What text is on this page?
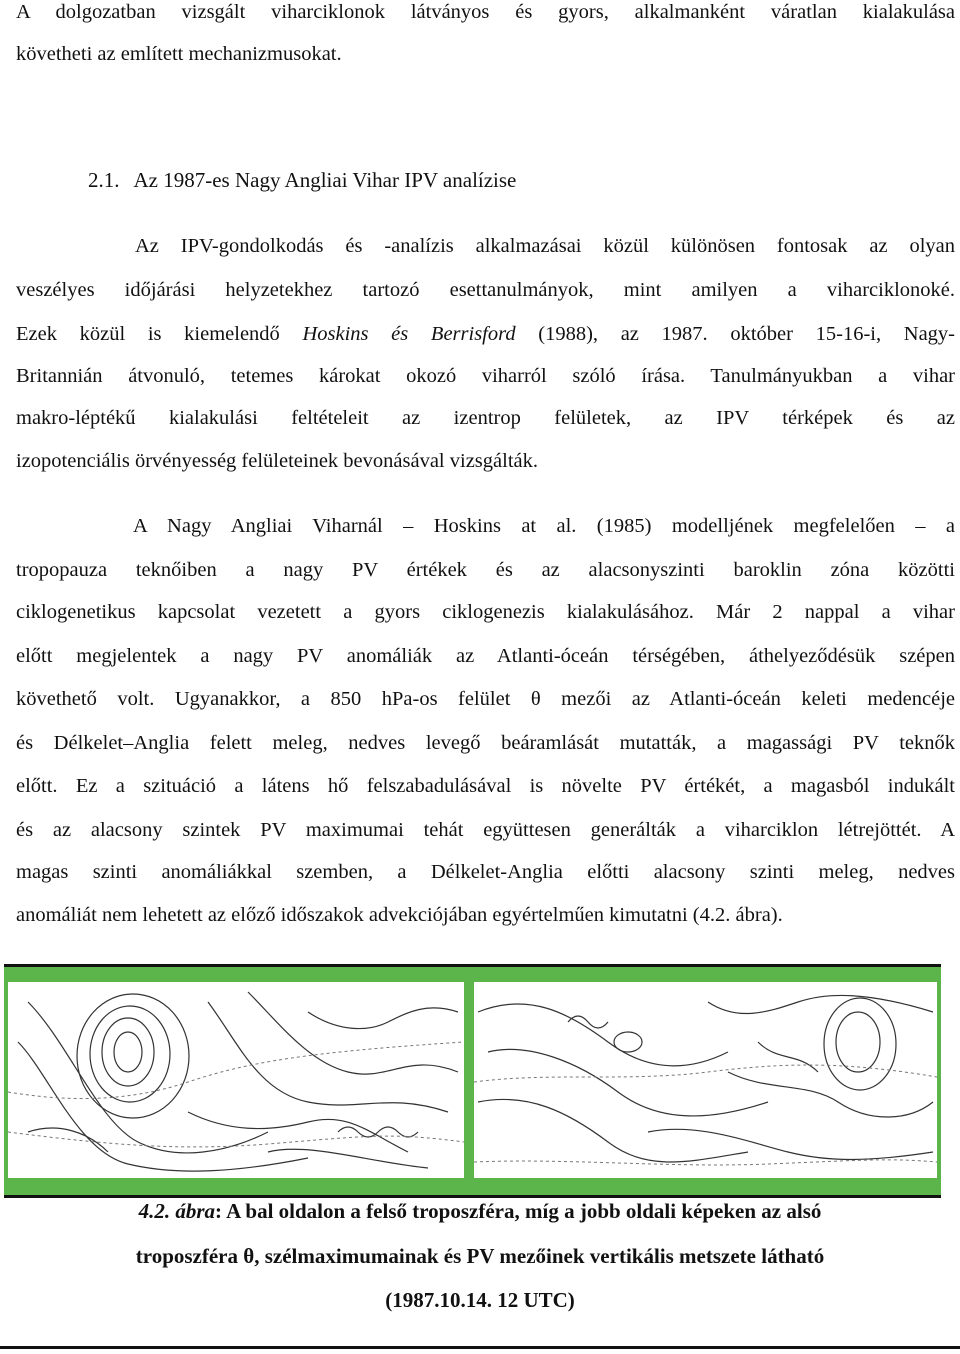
A dolgozatban vizsgált viharciklonok látványos és gyors, alkalmanként váratlan kialakulása
követheti az említett mechanizmusokat.
2.1. Az 1987-es Nagy Angliai Vihar IPV analízise
Az IPV-gondolkodás és -analízis alkalmazásai közül különösen fontosak az olyan
veszélyes időjárási helyzetekhez tartozó esettanulmányok, mint amilyen a viharciklonoké.
Ezek közül is kiemelendő Hoskins és Berrisford (1988), az 1987. október 15-16-i, Nagy-
Britannián átvonuló, tetemes károkat okozó viharról szóló írása. Tanulmányukban a vihar
makro-léptékű kialakulási feltételeit az izentrop felületek, az IPV térképek és az
izopotenciális örvényesség felületeinek bevonásával vizsgálták.
A Nagy Angliai Viharnál – Hoskins at al. (1985) modelljének megfelelően – a
tropopauza teknőiben a nagy PV értékek és az alacsonyszinti baroklin zóna közötti
ciklogenetikus kapcsolat vezetett a gyors ciklogenezis kialakulásához. Már 2 nappal a vihar
előtt megjelentek a nagy PV anomáliák az Atlanti-óceán térségében, áthelyeződésük szépen
követhető volt. Ugyanakkor, a 850 hPa-os felület θ mezői az Atlanti-óceán keleti medencéje
és Délkelet–Anglia felett meleg, nedves levegő beáramlását mutatták, a magassági PV teknők
előtt. Ez a szituáció a látens hő felszabadulásával is növelte PV értékét, a magasból indukált
és az alacsony szintek PV maximumai tehát együttesen generálták a viharciklon létrejöttét. A
magas szinti anomáliákkal szemben, a Délkelet-Anglia előtti alacsony szinti meleg, nedves
anomáliát nem lehetett az előző időszakok advekciójában egyértelműen kimutatni (4.2. ábra).
4.2. ábra: A bal oldalon a felső troposzféra, míg a jobb oldali képeken az alsó
troposzféra θ, szélmaximumainak és PV mezőinek vertikális metszete látható
(1987.10.14. 12 UTC)
